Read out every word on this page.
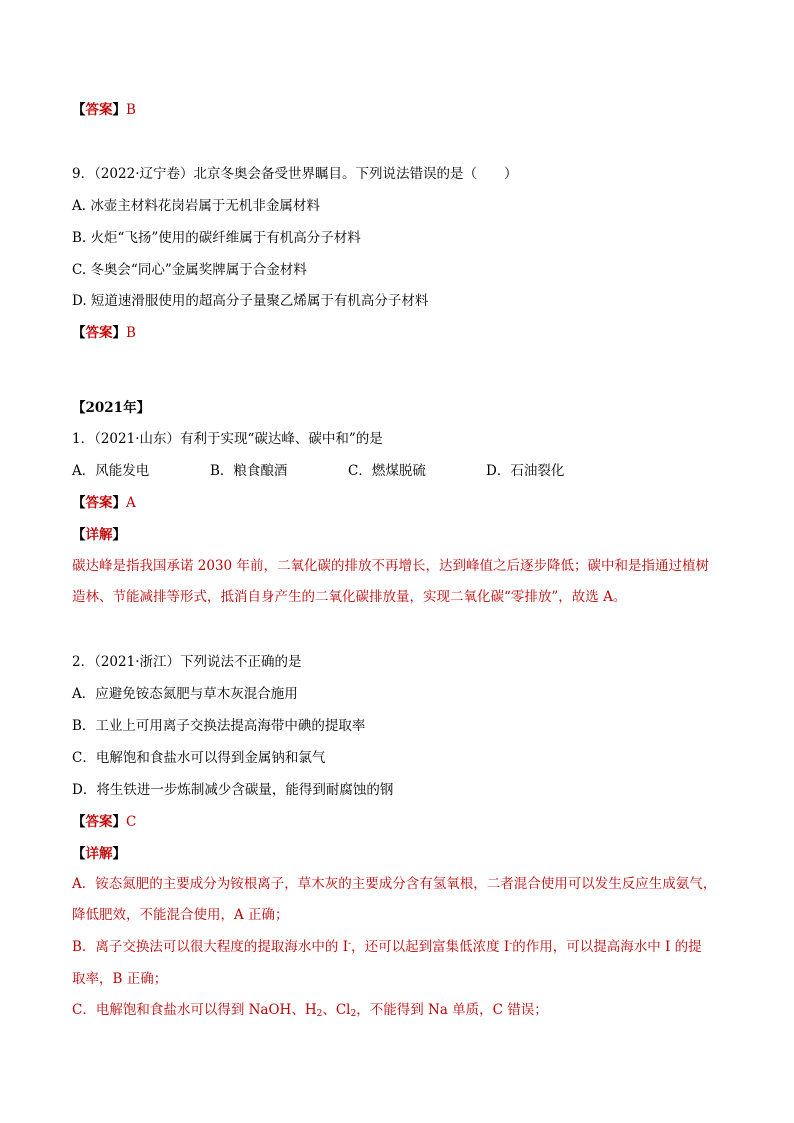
【答案】B
9．（2022·辽宁卷）北京冬奥会备受世界瞩目。下列说法错误的是（　　）
A. 冰壶主材料花岗岩属于无机非金属材料
B. 火炬“飞扬”使用的碳纤维属于有机高分子材料
C. 冬奥会“同心”金属奖牌属于合金材料
D. 短道速滑服使用的超高分子量聚乙烯属于有机高分子材料
【答案】B
【2021年】
1．（2021·山东）有利于实现“碳达峰、碳中和”的是
A．风能发电	B．粮食酿酒	C．燃煤脱硫	D．石油裂化
【答案】A
【详解】
碳达峰是指我国承诺 2030 年前，二氧化碳的排放不再增长，达到峰值之后逐步降低；碳中和是指通过植树
造林、节能减排等形式，抵消自身产生的二氧化碳排放量，实现二氧化碳“零排放”，故选 A。
2．（2021·浙江）下列说法不正确的是
A．应避免铵态氮肥与草木灰混合施用
B．工业上可用离子交换法提高海带中碘的提取率
C．电解饱和食盐水可以得到金属钠和氯气
D．将生铁进一步炼制减少含碳量，能得到耐腐蚀的钢
【答案】C
【详解】
A．铵态氮肥的主要成分为铵根离子，草木灰的主要成分含有氢氧根，二者混合使用可以发生反应生成氨气，
降低肥效，不能混合使用，A 正确；
B．离子交换法可以很大程度的提取海水中的 I-，还可以起到富集低浓度 I-的作用，可以提高海水中 I 的提
取率，B 正确；
C．电解饱和食盐水可以得到 NaOH、$H_2$、$Cl_2$，不能得到 Na 单质，C 错误；
